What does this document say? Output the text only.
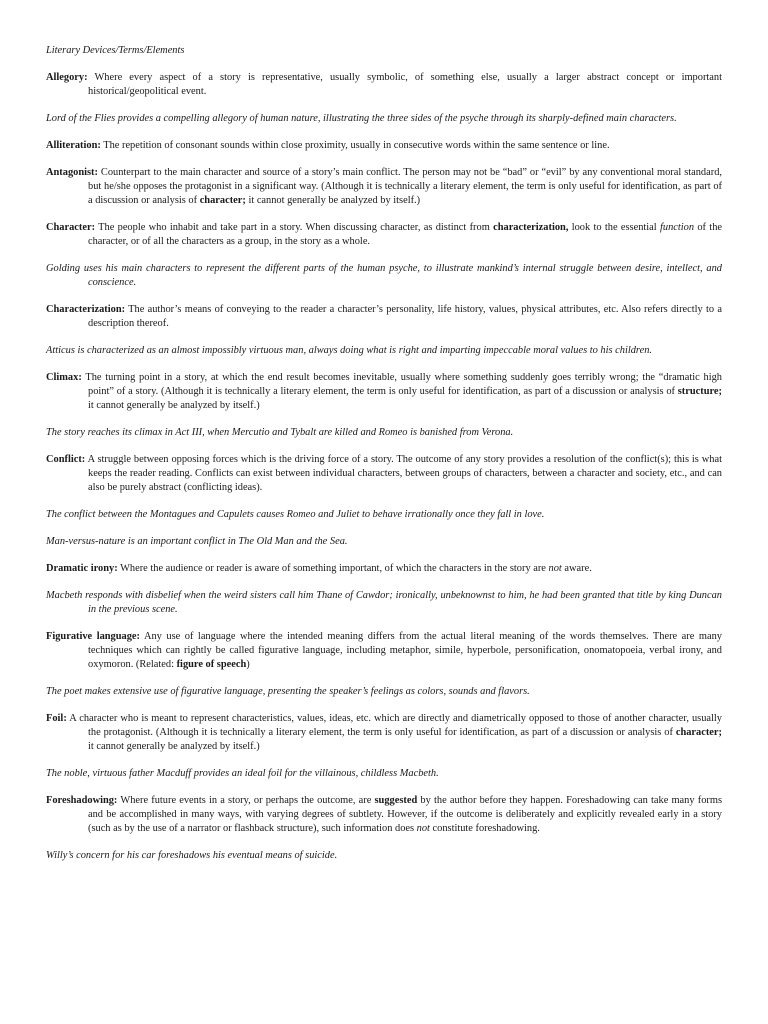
Literary Devices/Terms/Elements

Allegory: Where every aspect of a story is representative, usually symbolic, of something else, usually a larger abstract concept or important historical/geopolitical event.

Lord of the Flies provides a compelling allegory of human nature, illustrating the three sides of the psyche through its sharply-defined main characters.

Alliteration: The repetition of consonant sounds within close proximity, usually in consecutive words within the same sentence or line.

Antagonist: Counterpart to the main character and source of a story’s main conflict. The person may not be “bad” or “evil” by any conventional moral standard, but he/she opposes the protagonist in a significant way. (Although it is technically a literary element, the term is only useful for identification, as part of a discussion or analysis of character; it cannot generally be analyzed by itself.)

Character: The people who inhabit and take part in a story. When discussing character, as distinct from characterization, look to the essential function of the character, or of all the characters as a group, in the story as a whole.

Golding uses his main characters to represent the different parts of the human psyche, to illustrate mankind’s internal struggle between desire, intellect, and conscience.

Characterization: The author’s means of conveying to the reader a character’s personality, life history, values, physical attributes, etc. Also refers directly to a description thereof.

Atticus is characterized as an almost impossibly virtuous man, always doing what is right and imparting impeccable moral values to his children.

Climax: The turning point in a story, at which the end result becomes inevitable, usually where something suddenly goes terribly wrong; the “dramatic high point” of a story. (Although it is technically a literary element, the term is only useful for identification, as part of a discussion or analysis of structure; it cannot generally be analyzed by itself.)

The story reaches its climax in Act III, when Mercutio and Tybalt are killed and Romeo is banished from Verona.

Conflict: A struggle between opposing forces which is the driving force of a story. The outcome of any story provides a resolution of the conflict(s); this is what keeps the reader reading. Conflicts can exist between individual characters, between groups of characters, between a character and society, etc., and can also be purely abstract (conflicting ideas).

The conflict between the Montagues and Capulets causes Romeo and Juliet to behave irrationally once they fall in love.

Man-versus-nature is an important conflict in The Old Man and the Sea.

Dramatic irony: Where the audience or reader is aware of something important, of which the characters in the story are not aware.

Macbeth responds with disbelief when the weird sisters call him Thane of Cawdor; ironically, unbeknownst to him, he had been granted that title by king Duncan in the previous scene.

Figurative language: Any use of language where the intended meaning differs from the actual literal meaning of the words themselves. There are many techniques which can rightly be called figurative language, including metaphor, simile, hyperbole, personification, onomatopoeia, verbal irony, and oxymoron. (Related: figure of speech)

The poet makes extensive use of figurative language, presenting the speaker’s feelings as colors, sounds and flavors.

Foil: A character who is meant to represent characteristics, values, ideas, etc. which are directly and diametrically opposed to those of another character, usually the protagonist. (Although it is technically a literary element, the term is only useful for identification, as part of a discussion or analysis of character; it cannot generally be analyzed by itself.)

The noble, virtuous father Macduff provides an ideal foil for the villainous, childless Macbeth.

Foreshadowing: Where future events in a story, or perhaps the outcome, are suggested by the author before they happen. Foreshadowing can take many forms and be accomplished in many ways, with varying degrees of subtlety. However, if the outcome is deliberately and explicitly revealed early in a story (such as by the use of a narrator or flashback structure), such information does not constitute foreshadowing.

Willy’s concern for his car foreshadows his eventual means of suicide.
